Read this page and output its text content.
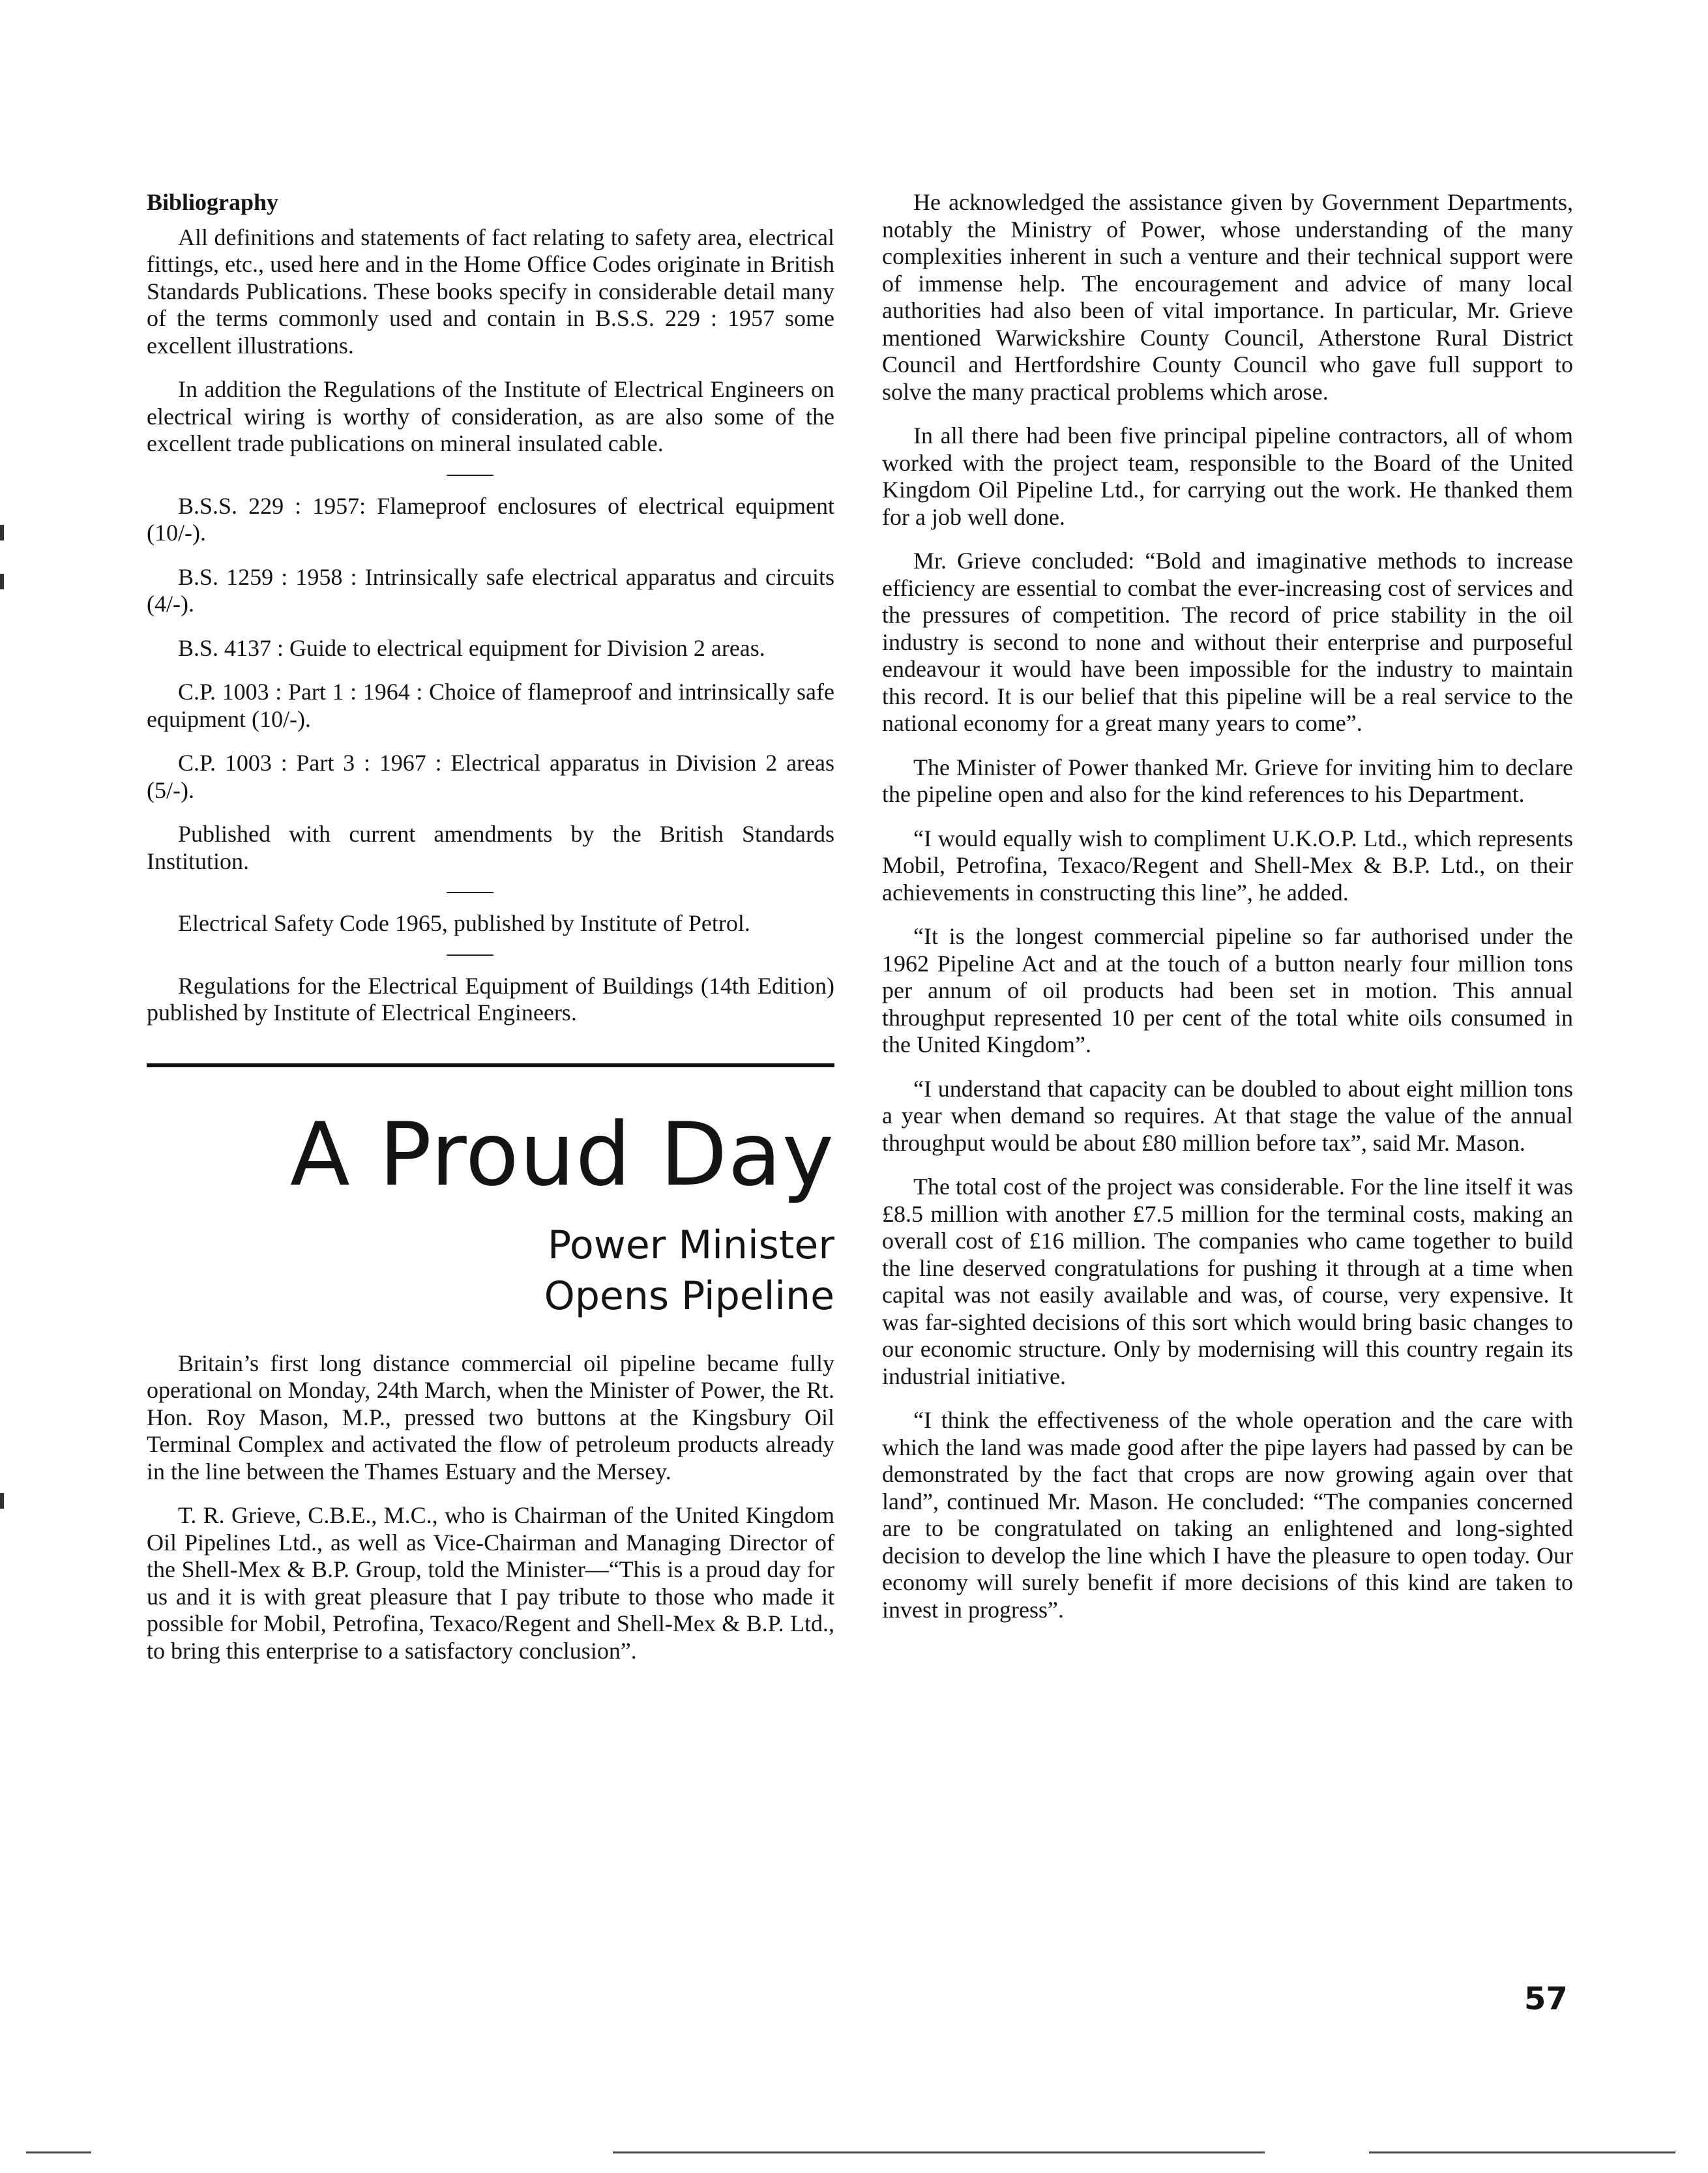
Bibliography

All definitions and statements of fact relating to safety area, electrical fittings, etc., used here and in the Home Office Codes originate in British Standards Publications. These books specify in considerable detail many of the terms commonly used and contain in B.S.S. 229 : 1957 some excellent illustrations.

In addition the Regulations of the Institute of Electrical Engineers on electrical wiring is worthy of consideration, as are also some of the excellent trade publications on mineral insulated cable.

B.S.S. 229 : 1957: Flameproof enclosures of electrical equipment (10/-).

B.S. 1259 : 1958 : Intrinsically safe electrical apparatus and circuits (4/-).

B.S. 4137 : Guide to electrical equipment for Division 2 areas.

C.P. 1003 : Part 1 : 1964 : Choice of flameproof and intrinsically safe equipment (10/-).

C.P. 1003 : Part 3 : 1967 : Electrical apparatus in Division 2 areas (5/-).

Published with current amendments by the British Standards Institution.

Electrical Safety Code 1965, published by Institute of Petrol.

Regulations for the Electrical Equipment of Buildings (14th Edition) published by Institute of Electrical Engineers.

A Proud Day
Power Minister
Opens Pipeline

Britain’s first long distance commercial oil pipeline became fully operational on Monday, 24th March, when the Minister of Power, the Rt. Hon. Roy Mason, M.P., pressed two buttons at the Kingsbury Oil Terminal Complex and activated the flow of petroleum products already in the line between the Thames Estuary and the Mersey.

T. R. Grieve, C.B.E., M.C., who is Chairman of the United Kingdom Oil Pipelines Ltd., as well as Vice-Chairman and Managing Director of the Shell-Mex & B.P. Group, told the Minister—“This is a proud day for us and it is with great pleasure that I pay tribute to those who made it possible for Mobil, Petrofina, Texaco/Regent and Shell-Mex & B.P. Ltd., to bring this enterprise to a satisfactory conclusion”.

He acknowledged the assistance given by Government Departments, notably the Ministry of Power, whose understanding of the many complexities inherent in such a venture and their technical support were of immense help. The encouragement and advice of many local authorities had also been of vital importance. In particular, Mr. Grieve mentioned Warwickshire County Council, Atherstone Rural District Council and Hertfordshire County Council who gave full support to solve the many practical problems which arose.

In all there had been five principal pipeline contractors, all of whom worked with the project team, responsible to the Board of the United Kingdom Oil Pipeline Ltd., for carrying out the work. He thanked them for a job well done.

Mr. Grieve concluded: “Bold and imaginative methods to increase efficiency are essential to combat the ever-increasing cost of services and the pressures of competition. The record of price stability in the oil industry is second to none and without their enterprise and purposeful endeavour it would have been impossible for the industry to maintain this record. It is our belief that this pipeline will be a real service to the national economy for a great many years to come”.

The Minister of Power thanked Mr. Grieve for inviting him to declare the pipeline open and also for the kind references to his Department.

“I would equally wish to compliment U.K.O.P. Ltd., which represents Mobil, Petrofina, Texaco/Regent and Shell-Mex & B.P. Ltd., on their achievements in constructing this line”, he added.

“It is the longest commercial pipeline so far authorised under the 1962 Pipeline Act and at the touch of a button nearly four million tons per annum of oil products had been set in motion. This annual throughput represented 10 per cent of the total white oils consumed in the United Kingdom”.

“I understand that capacity can be doubled to about eight million tons a year when demand so requires. At that stage the value of the annual throughput would be about £80 million before tax”, said Mr. Mason.

The total cost of the project was considerable. For the line itself it was £8.5 million with another £7.5 million for the terminal costs, making an overall cost of £16 million. The companies who came together to build the line deserved congratulations for pushing it through at a time when capital was not easily available and was, of course, very expensive. It was far-sighted decisions of this sort which would bring basic changes to our economic structure. Only by modernising will this country regain its industrial initiative.

“I think the effectiveness of the whole operation and the care with which the land was made good after the pipe layers had passed by can be demonstrated by the fact that crops are now growing again over that land”, continued Mr. Mason. He concluded: “The companies concerned are to be congratulated on taking an enlightened and long-sighted decision to develop the line which I have the pleasure to open today. Our economy will surely benefit if more decisions of this kind are taken to invest in progress”.

57
